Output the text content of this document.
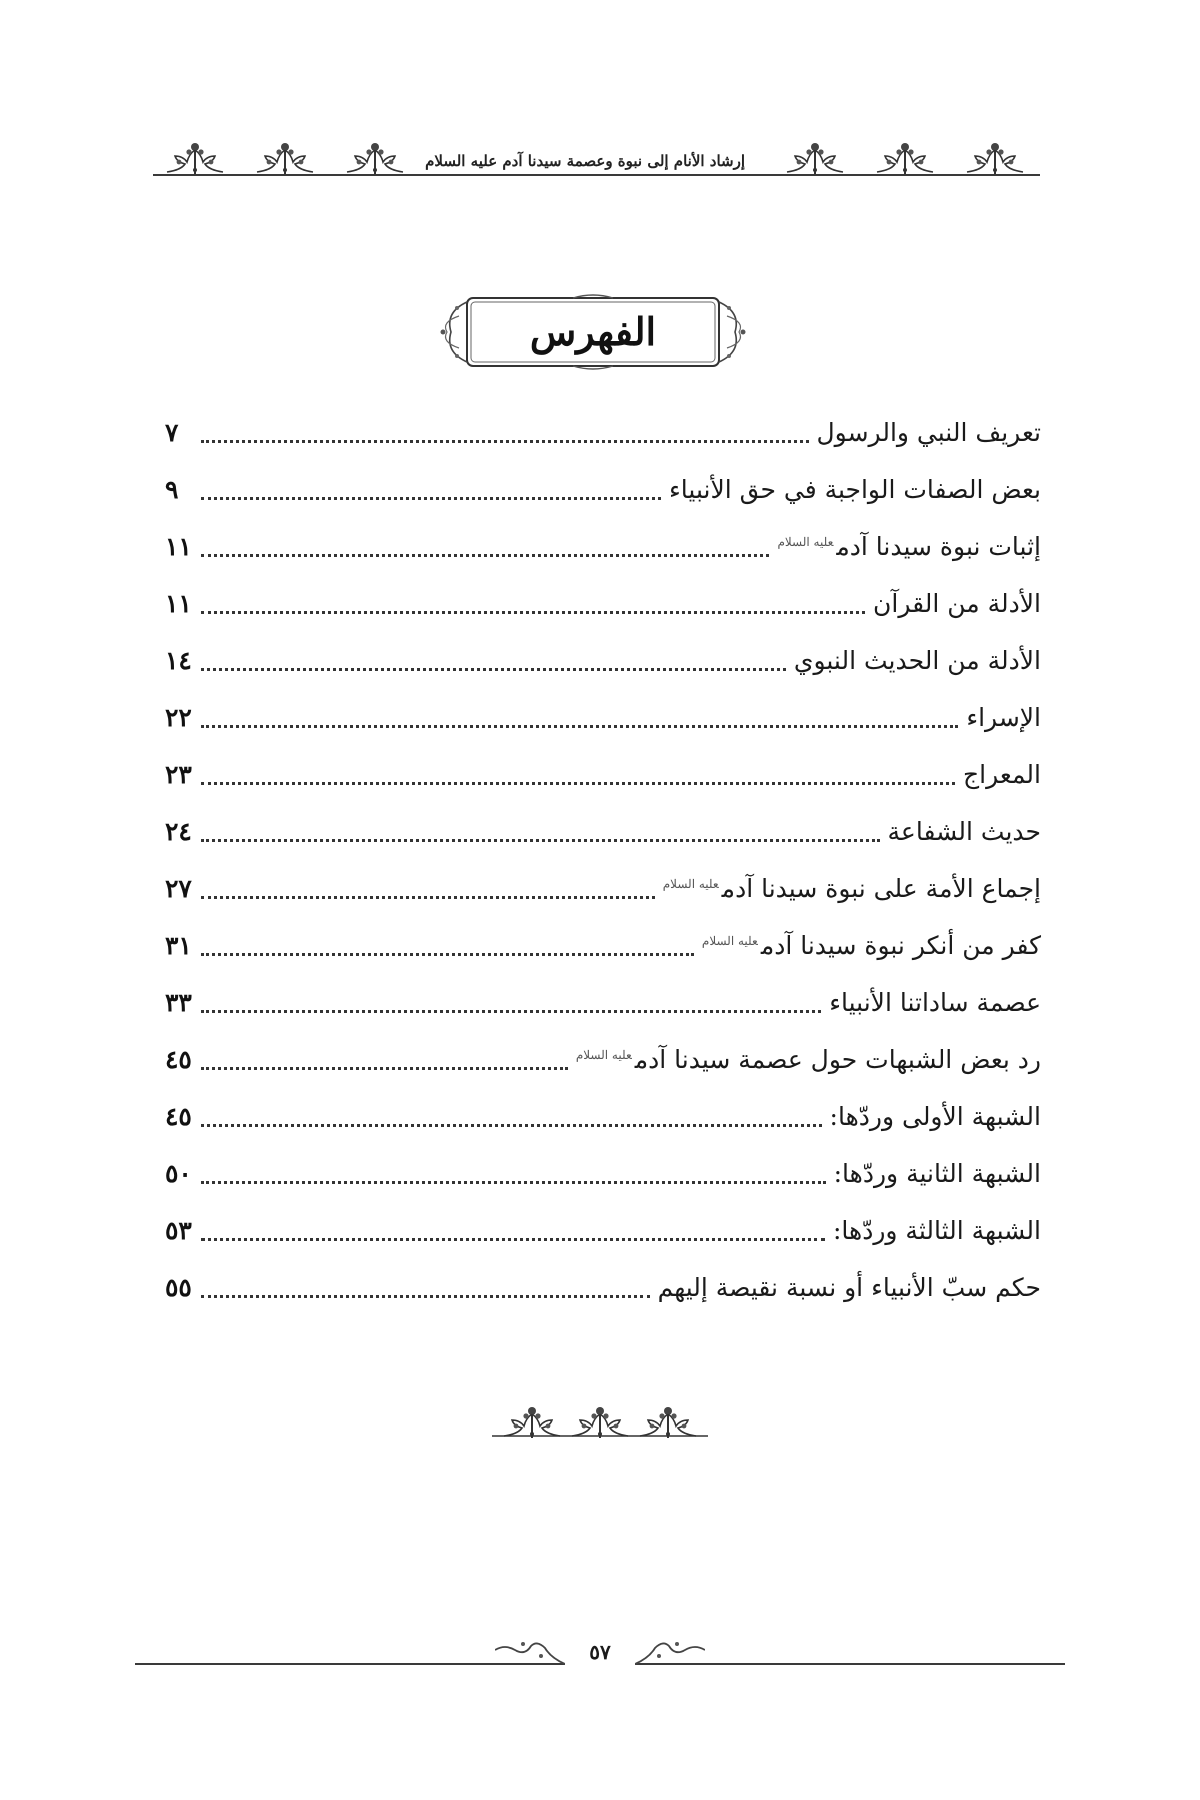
إرشاد الأنام إلى نبوة وعصمة سيدنا آدم عليه السلام
الفهرس
تعريف النبي والرسول
٧
بعض الصفات الواجبة في حق الأنبياء
٩
إثبات نبوة سيدنا آدم$^{عليه السلام}$
١١
الأدلة من القرآن
١١
الأدلة من الحديث النبوي
١٤
الإسراء
٢٢
المعراج
٢٣
حديث الشفاعة
٢٤
إجماع الأمة على نبوة سيدنا آدم$^{عليه السلام}$
٢٧
كفر من أنكر نبوة سيدنا آدم$^{عليه السلام}$
٣١
عصمة ساداتنا الأنبياء
٣٣
رد بعض الشبهات حول عصمة سيدنا آدم$^{عليه السلام}$
٤٥
الشبهة الأولى وردّها:
٤٥
الشبهة الثانية وردّها:
٥٠
الشبهة الثالثة وردّها:
٥٣
حكم سبّ الأنبياء أو نسبة نقيصة إليهم
٥٥
٥٧
